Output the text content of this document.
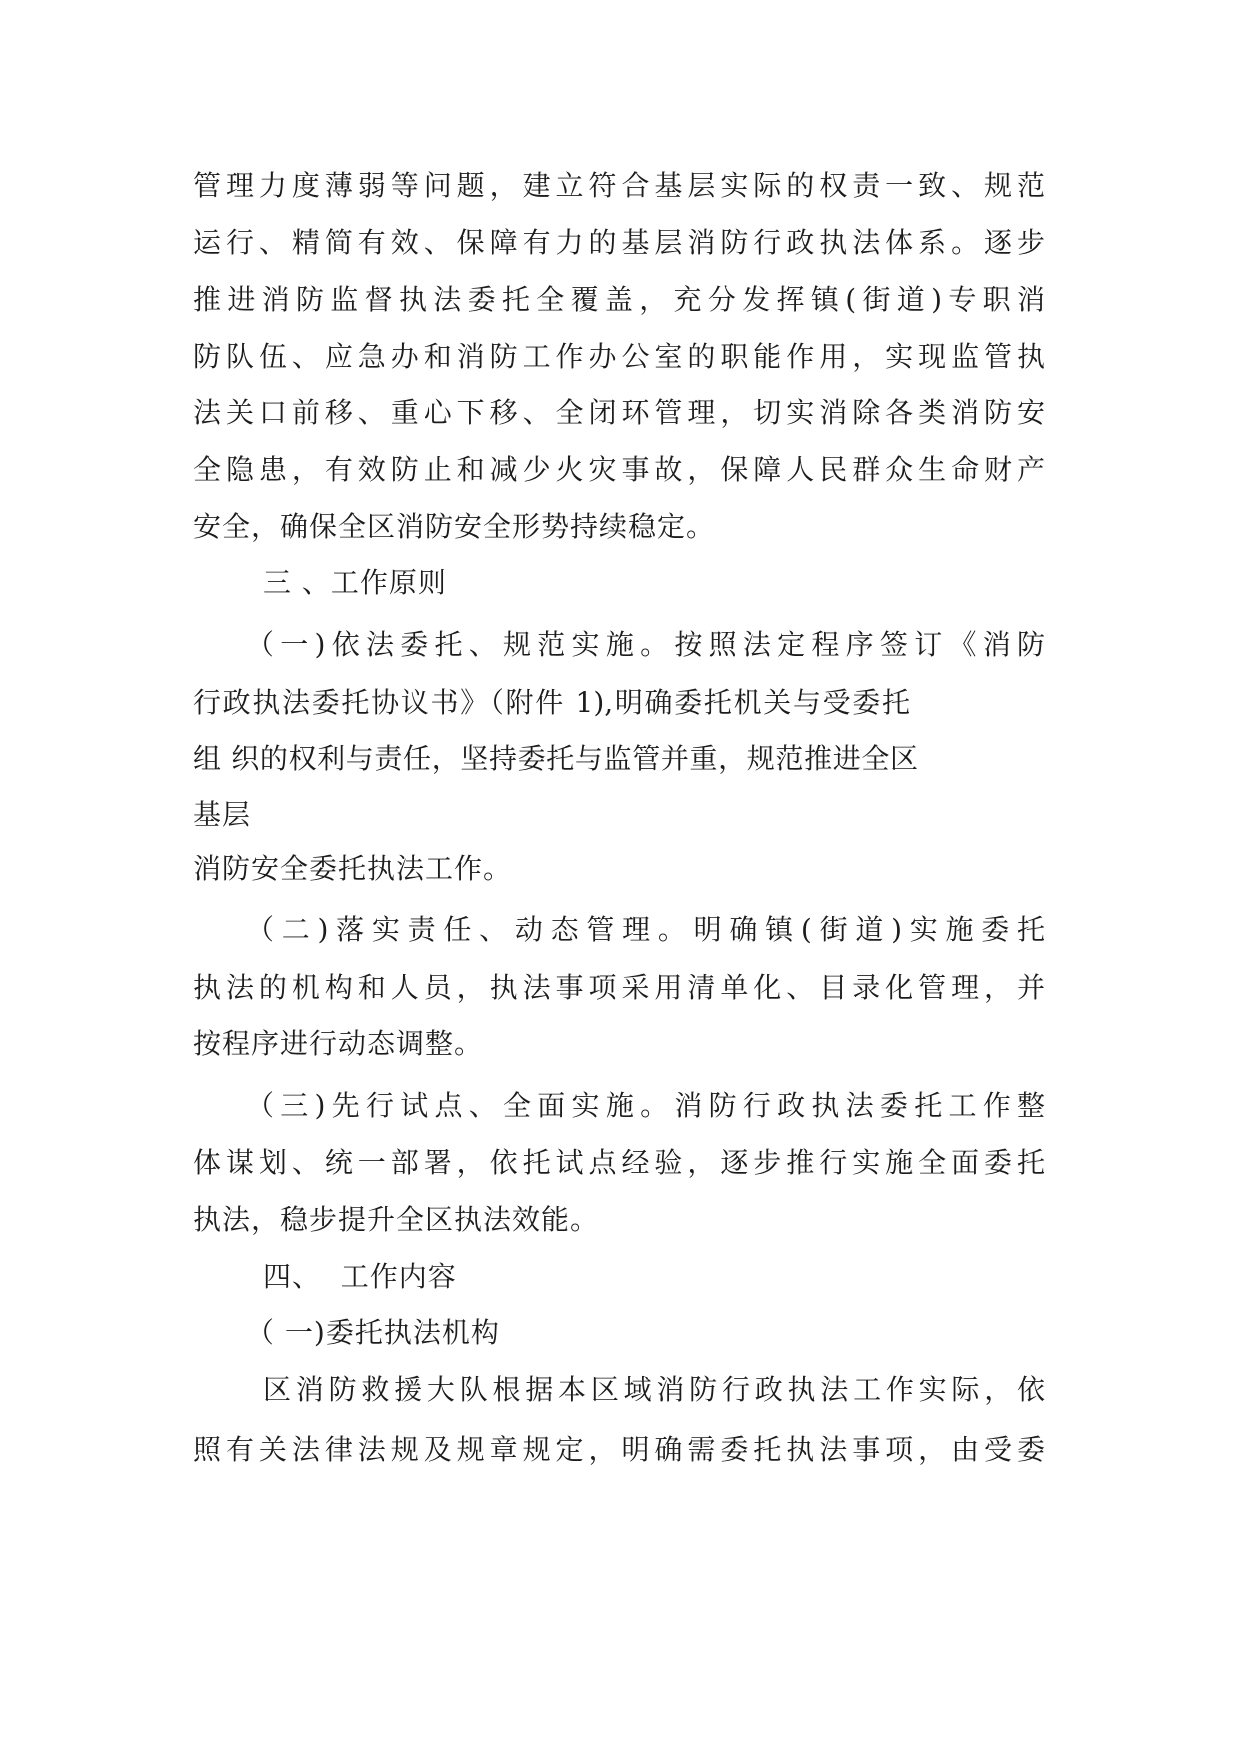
管理力度薄弱等问题，建立符合基层实际的权责一致、规范
运行、精简有效、保障有力的基层消防行政执法体系。逐步
推进消防监督执法委托全覆盖，充分发挥镇(街道)专职消
防队伍、应急办和消防工作办公室的职能作用，实现监管执
法关口前移、重心下移、全闭环管理，切实消除各类消防安
全隐患，有效防止和减少火灾事故，保障人民群众生命财产
安全，确保全区消防安全形势持续稳定。
三 、工作原则
（一)依法委托、规范实施。按照法定程序签订《消防
行政执法委托协议书》（附件 1),明确委托机关与受委托
组 织的权利与责任，坚持委托与监管并重，规范推进全区
基层
消防安全委托执法工作。
（二)落实责任、动态管理。明确镇(街道)实施委托
执法的机构和人员，执法事项采用清单化、目录化管理，并
按程序进行动态调整。
（三)先行试点、全面实施。消防行政执法委托工作整
体谋划、统一部署，依托试点经验，逐步推行实施全面委托
执法，稳步提升全区执法效能。
四、  工作内容
（ 一)委托执法机构
区消防救援大队根据本区域消防行政执法工作实际，依
照有关法律法规及规章规定，明确需委托执法事项，由受委
